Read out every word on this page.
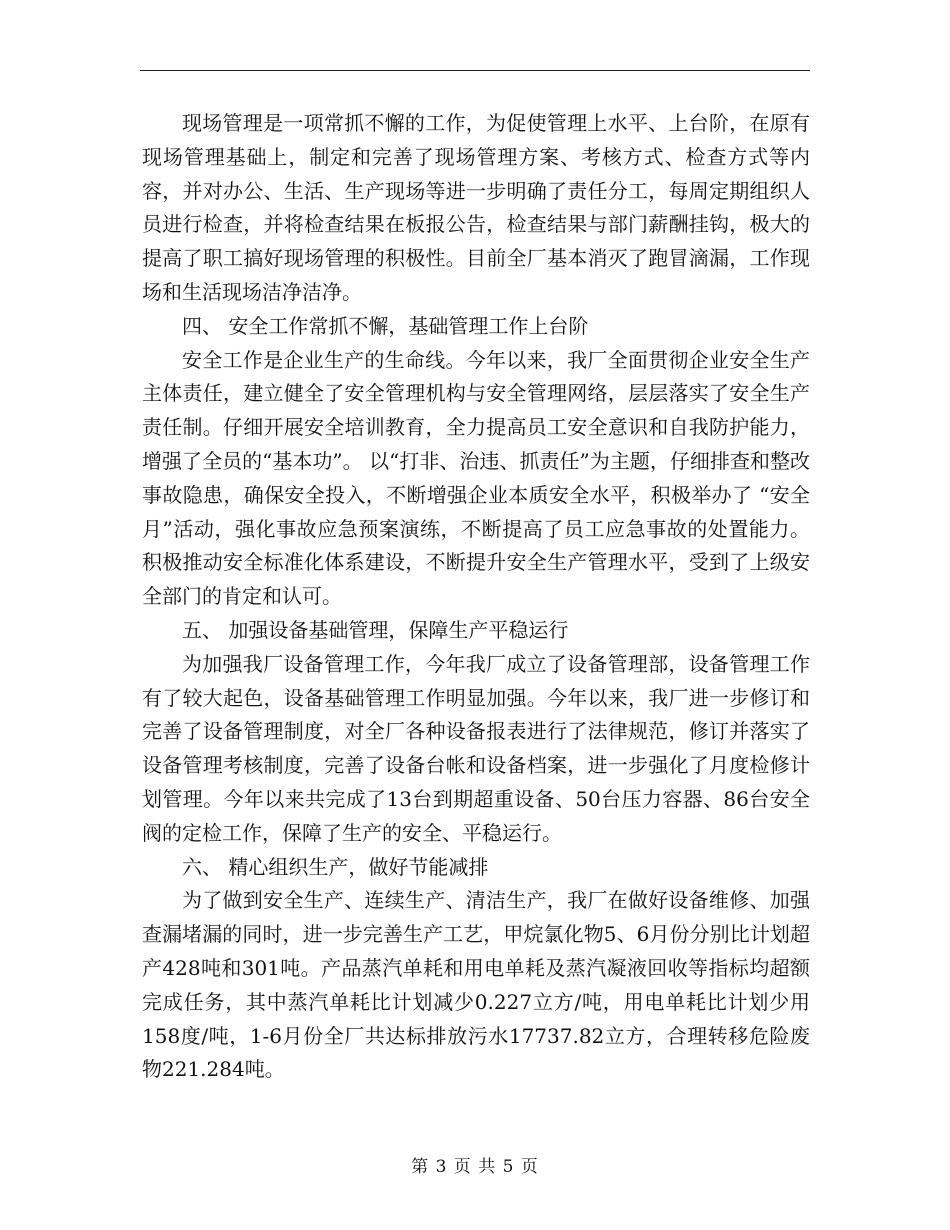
现场管理是一项常抓不懈的工作，为促使管理上水平、上台阶，在原有现场管理基础上，制定和完善了现场管理方案、考核方式、检查方式等内容，并对办公、生活、生产现场等进一步明确了责任分工，每周定期组织人员进行检查，并将检查结果在板报公告，检查结果与部门薪酬挂钩，极大的提高了职工搞好现场管理的积极性。目前全厂基本消灭了跑冒滴漏，工作现场和生活现场洁净洁净。

四、 安全工作常抓不懈，基础管理工作上台阶

安全工作是企业生产的生命线。今年以来，我厂全面贯彻企业安全生产主体责任，建立健全了安全管理机构与安全管理网络，层层落实了安全生产责任制。仔细开展安全培训教育，全力提高员工安全意识和自我防护能力，增强了全员的“基本功”。 以“打非、治违、抓责任”为主题，仔细排查和整改事故隐患，确保安全投入，不断增强企业本质安全水平，积极举办了 “安全月”活动，强化事故应急预案演练，不断提高了员工应急事故的处置能力。积极推动安全标准化体系建设，不断提升安全生产管理水平，受到了上级安全部门的肯定和认可。

五、 加强设备基础管理，保障生产平稳运行

为加强我厂设备管理工作，今年我厂成立了设备管理部，设备管理工作有了较大起色，设备基础管理工作明显加强。今年以来，我厂进一步修订和完善了设备管理制度，对全厂各种设备报表进行了法律规范，修订并落实了设备管理考核制度，完善了设备台帐和设备档案，进一步强化了月度检修计划管理。今年以来共完成了13台到期超重设备、50台压力容器、86台安全阀的定检工作，保障了生产的安全、平稳运行。

六、 精心组织生产，做好节能减排

为了做到安全生产、连续生产、清洁生产，我厂在做好设备维修、加强查漏堵漏的同时，进一步完善生产工艺，甲烷氯化物5、6月份分别比计划超产428吨和301吨。产品蒸汽单耗和用电单耗及蒸汽凝液回收等指标均超额完成任务，其中蒸汽单耗比计划减少0.227立方/吨，用电单耗比计划少用158度/吨，1-6月份全厂共达标排放污水17737.82立方，合理转移危险废物221.284吨。

第 3 页 共 5 页
